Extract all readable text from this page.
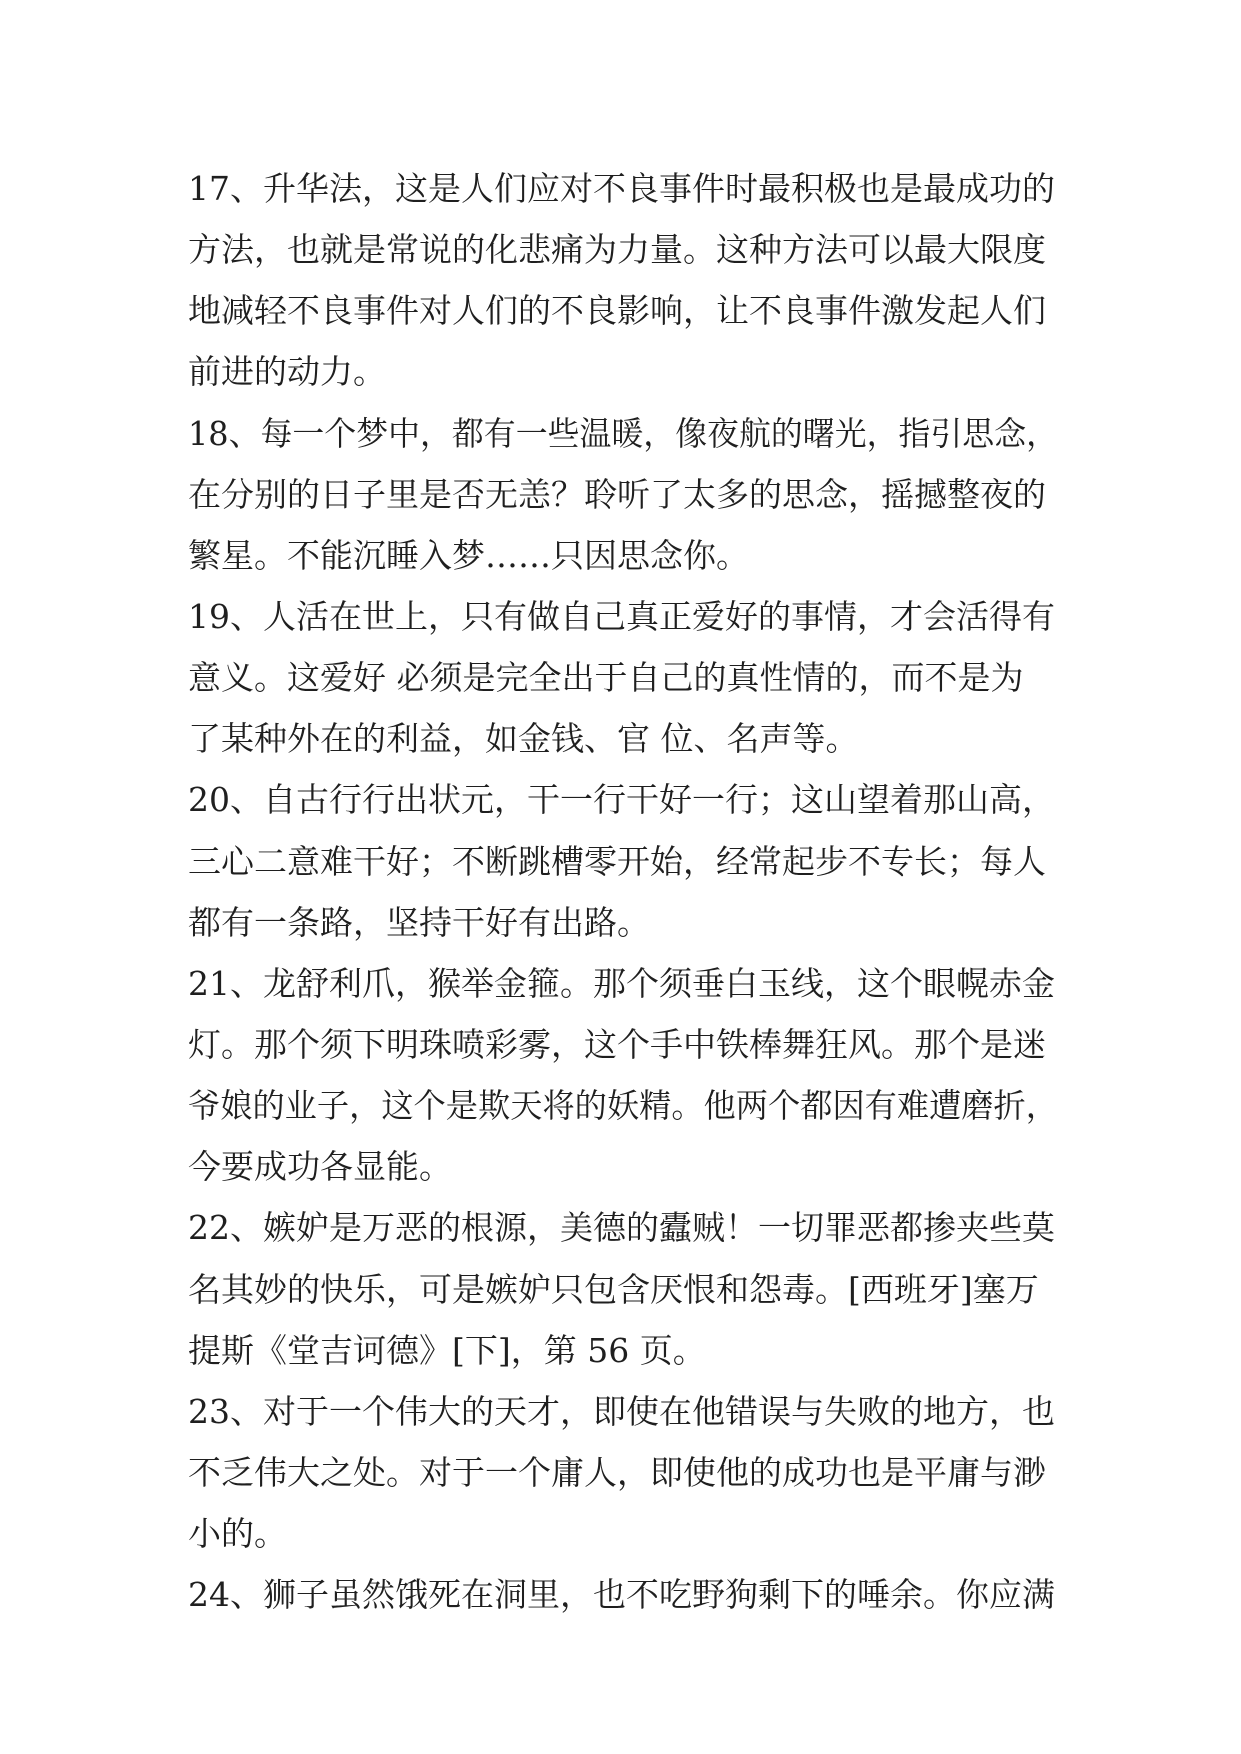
17、升华法，这是人们应对不良事件时最积极也是最成功的
方法，也就是常说的化悲痛为力量。这种方法可以最大限度
地减轻不良事件对人们的不良影响，让不良事件激发起人们
前进的动力。
18、每一个梦中，都有一些温暖，像夜航的曙光，指引思念，
在分别的日子里是否无恙？聆听了太多的思念，摇撼整夜的
繁星。不能沉睡入梦……只因思念你。
19、人活在世上，只有做自己真正爱好的事情，才会活得有
意义。这爱好 必须是完全出于自己的真性情的，而不是为
了某种外在的利益，如金钱、官 位、名声等。
20、自古行行出状元，干一行干好一行；这山望着那山高，
三心二意难干好；不断跳槽零开始，经常起步不专长；每人
都有一条路，坚持干好有出路。
21、龙舒利爪，猴举金箍。那个须垂白玉线，这个眼幌赤金
灯。那个须下明珠喷彩雾，这个手中铁棒舞狂风。那个是迷
爷娘的业子，这个是欺天将的妖精。他两个都因有难遭磨折，
今要成功各显能。
22、嫉妒是万恶的根源，美德的蠹贼！一切罪恶都掺夹些莫
名其妙的快乐，可是嫉妒只包含厌恨和怨毒。[西班牙]塞万
提斯《堂吉诃德》[下]，第 56 页。
23、对于一个伟大的天才，即使在他错误与失败的地方，也
不乏伟大之处。对于一个庸人，即使他的成功也是平庸与渺
小的。
24、狮子虽然饿死在洞里，也不吃野狗剩下的唾余。你应满
